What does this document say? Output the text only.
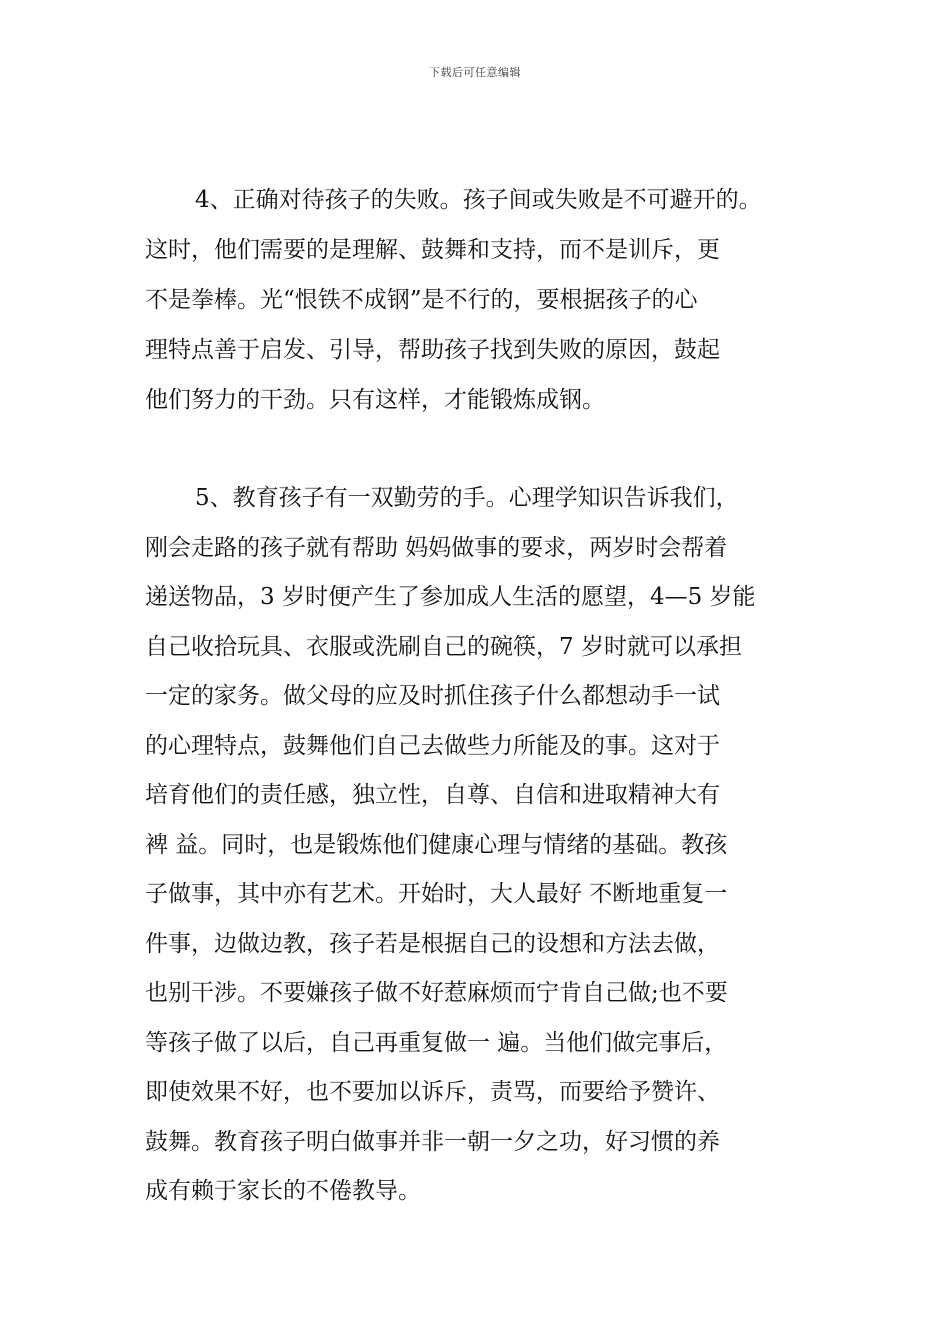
下载后可任意编辑
4、正确对待孩子的失败。孩子间或失败是不可避开的。
这时，他们需要的是理解、鼓舞和支持，而不是训斥，更
不是拳棒。光“恨铁不成钢”是不行的，要根据孩子的心
理特点善于启发、引导，帮助孩子找到失败的原因，鼓起
他们努力的干劲。只有这样，才能锻炼成钢。
5、教育孩子有一双勤劳的手。心理学知识告诉我们，
刚会走路的孩子就有帮助 妈妈做事的要求，两岁时会帮着
递送物品，3 岁时便产生了参加成人生活的愿望，4—5 岁能
自己收拾玩具、衣服或洗刷自己的碗筷，7 岁时就可以承担
一定的家务。做父母的应及时抓住孩子什么都想动手一试
的心理特点，鼓舞他们自己去做些力所能及的事。这对于
培育他们的责任感，独立性，自尊、自信和进取精神大有
裨 益。同时，也是锻炼他们健康心理与情绪的基础。教孩
子做事，其中亦有艺术。开始时，大人最好 不断地重复一
件事，边做边教，孩子若是根据自己的设想和方法去做，
也别干涉。不要嫌孩子做不好惹麻烦而宁肯自己做;也不要
等孩子做了以后，自己再重复做一 遍。当他们做完事后，
即使效果不好，也不要加以诉斥，责骂，而要给予赞许、
鼓舞。教育孩子明白做事并非一朝一夕之功，好习惯的养
成有赖于家长的不倦教导。
